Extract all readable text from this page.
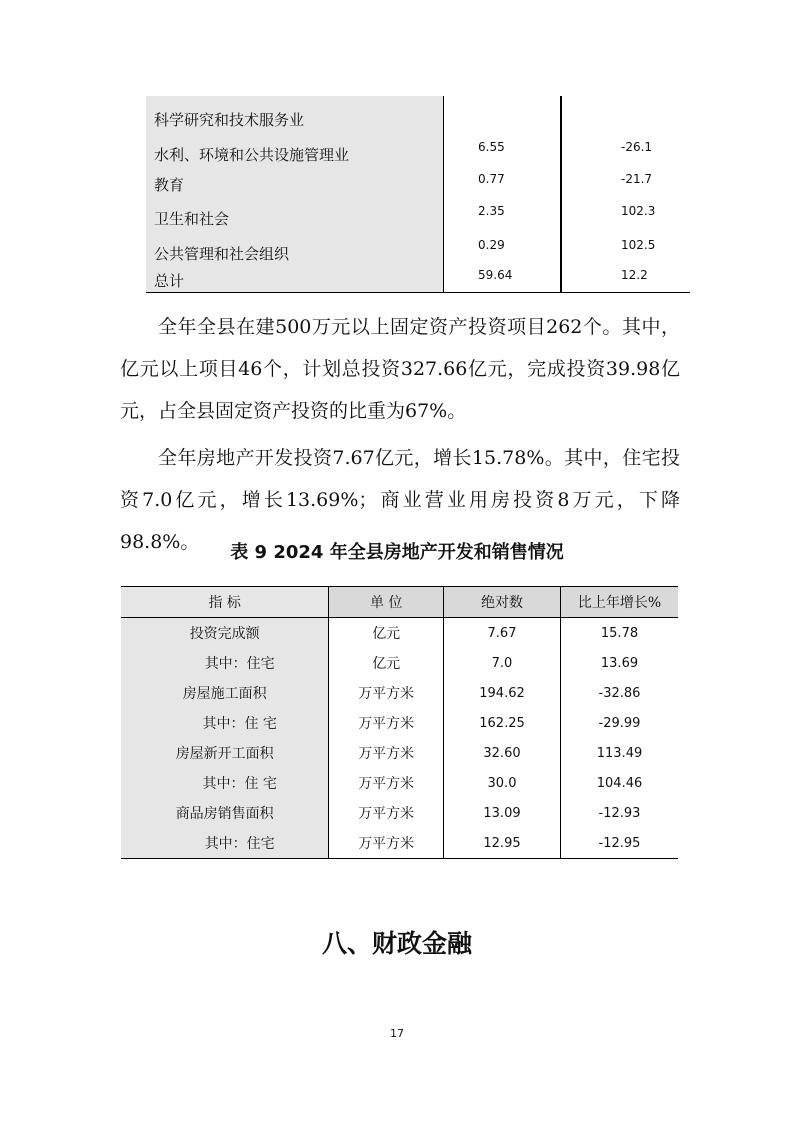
科学研究和技术服务业
水利、环境和公共设施管理业	6.55	-26.1
教育	0.77	-21.7
卫生和社会	2.35	102.3
公共管理和社会组织	0.29	102.5
总计	59.64	12.2

全年全县在建500万元以上固定资产投资项目262个。其中，亿元以上项目46个，计划总投资327.66亿元，完成投资39.98亿元，占全县固定资产投资的比重为67%。

全年房地产开发投资7.67亿元，增长15.78%。其中，住宅投资7.0亿元，增长13.69%；商业营业用房投资8万元，下降98.8%。	表 9 2024 年全县房地产开发和销售情况
指 标	单 位	绝对数	比上年增长%
投资完成额	亿元	7.67	15.78
其中：住宅	亿元	7.0	13.69
房屋施工面积	万平方米	194.62	-32.86
其中：住 宅	万平方米	162.25	-29.99
房屋新开工面积	万平方米	32.60	113.49
其中：住 宅	万平方米	30.0	104.46
商品房销售面积	万平方米	13.09	-12.93
其中：住宅	万平方米	12.95	-12.95
八、财政金融
17
